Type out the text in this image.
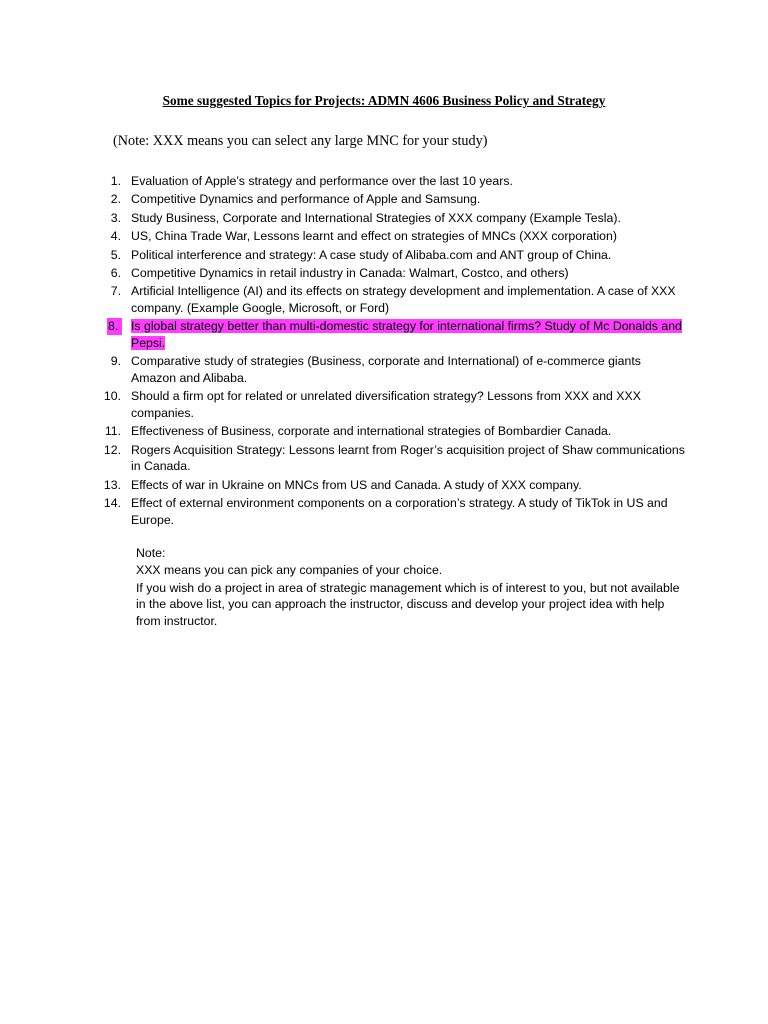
Some suggested Topics for Projects: ADMN 4606 Business Policy and Strategy
(Note: XXX means you can select any large MNC for your study)
1. Evaluation of Apple’s strategy and performance over the last 10 years.
2. Competitive Dynamics and performance of Apple and Samsung.
3. Study Business, Corporate and International Strategies of XXX company (Example Tesla).
4. US, China Trade War, Lessons learnt and effect on strategies of MNCs (XXX corporation)
5. Political interference and strategy: A case study of Alibaba.com and ANT group of China.
6. Competitive Dynamics in retail industry in Canada: Walmart, Costco, and others)
7. Artificial Intelligence (AI) and its effects on strategy development and implementation. A case of XXX company. (Example Google, Microsoft, or Ford)
8.	Is global strategy better than multi-domestic strategy for international firms? Study of Mc Donalds and Pepsi.
9. Comparative study of strategies (Business, corporate and International) of e-commerce giants Amazon and Alibaba.
10. Should a firm opt for related or unrelated diversification strategy? Lessons from XXX and XXX companies.
11. Effectiveness of Business, corporate and international strategies of Bombardier Canada.
12. Rogers Acquisition Strategy: Lessons learnt from Roger’s acquisition project of Shaw communications in Canada.
13. Effects of war in Ukraine on MNCs from US and Canada. A study of XXX company.
14. Effect of external environment components on a corporation’s strategy. A study of TikTok in US and Europe.

Note:

XXX means you can pick any companies of your choice.

If you wish do a project in area of strategic management which is of interest to you, but not available in the above list, you can approach the instructor, discuss and develop your project idea with help from instructor.
